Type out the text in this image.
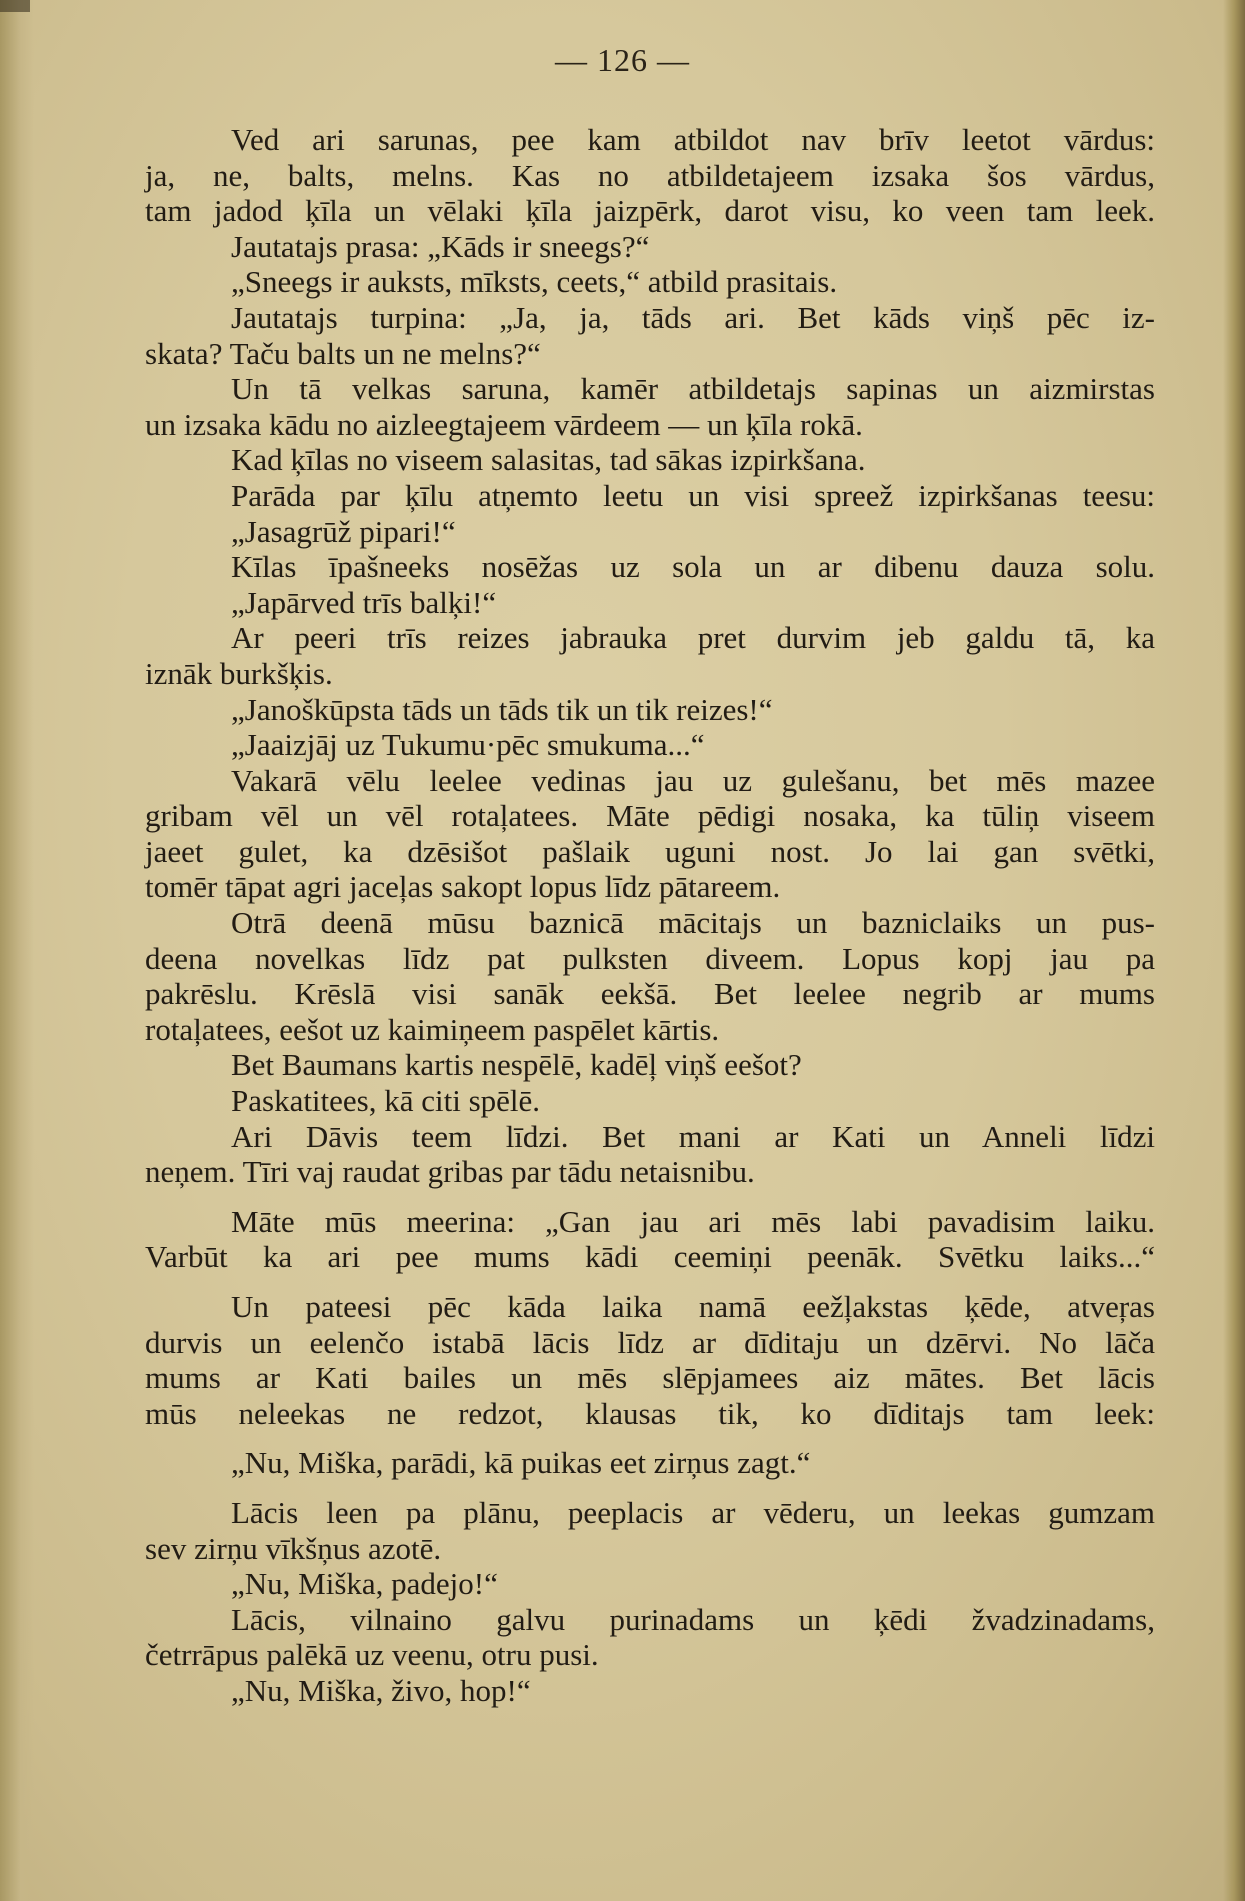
— 126 —
Ved ari sarunas, pee kam atbildot nav brīv leetot vārdus:
ja, ne, balts, melns. Kas no atbildetajeem izsaka šos vārdus,
tam jadod ķīla un vēlaki ķīla jaizpērk, darot visu, ko veen tam leek.
Jautatajs prasa: „Kāds ir sneegs?“
„Sneegs ir auksts, mīksts, ceets,“ atbild prasitais.
Jautatajs turpina: „Ja, ja, tāds ari. Bet kāds viņš pēc iz-
skata? Taču balts un ne melns?“
Un tā velkas saruna, kamēr atbildetajs sapinas un aizmirstas
un izsaka kādu no aizleegtajeem vārdeem — un ķīla rokā.
Kad ķīlas no viseem salasitas, tad sākas izpirkšana.
Parāda par ķīlu atņemto leetu un visi spreež izpirkšanas teesu:
„Jasagrūž pipari!“
Kīlas īpašneeks nosēžas uz sola un ar dibenu dauza solu.
„Japārved trīs balķi!“
Ar peeri trīs reizes jabrauka pret durvim jeb galdu tā, ka
iznāk burkšķis.
„Janoškūpsta tāds un tāds tik un tik reizes!“
„Jaaizjāj uz Tukumu·pēc smukuma...“
Vakarā vēlu leelee vedinas jau uz gulešanu, bet mēs mazee
gribam vēl un vēl rotaļatees. Māte pēdigi nosaka, ka tūliņ viseem
jaeet gulet, ka dzēsišot pašlaik uguni nost. Jo lai gan svētki,
tomēr tāpat agri jaceļas sakopt lopus līdz pātareem.
Otrā deenā mūsu baznicā mācitajs un bazniclaiks un pus-
deena novelkas līdz pat pulksten diveem. Lopus kopj jau pa
pakrēslu. Krēslā visi sanāk eekšā. Bet leelee negrib ar mums
rotaļatees, eešot uz kaimiņeem paspēlet kārtis.
Bet Baumans kartis nespēlē, kadēļ viņš eešot?
Paskatitees, kā citi spēlē.
Ari Dāvis teem līdzi. Bet mani ar Kati un Anneli līdzi
neņem. Tīri vaj raudat gribas par tādu netaisnibu.
Māte mūs meerina: „Gan jau ari mēs labi pavadisim laiku.
Varbūt ka ari pee mums kādi ceemiņi peenāk. Svētku laiks...“
Un pateesi pēc kāda laika namā eežļakstas ķēde, atveŗas
durvis un eelenčo istabā lācis līdz ar dīditaju un dzērvi. No lāča
mums ar Kati bailes un mēs slēpjamees aiz mātes. Bet lācis
mūs neleekas ne redzot, klausas tik, ko dīditajs tam leek:
„Nu, Miška, parādi, kā puikas eet zirņus zagt.“
Lācis leen pa plānu, peeplacis ar vēderu, un leekas gumzam
sev zirņu vīkšņus azotē.
„Nu, Miška, padejo!“
Lācis, vilnaino galvu purinadams un ķēdi žvadzinadams,
četrrāpus palēkā uz veenu, otru pusi.
„Nu, Miška, živo, hop!“
